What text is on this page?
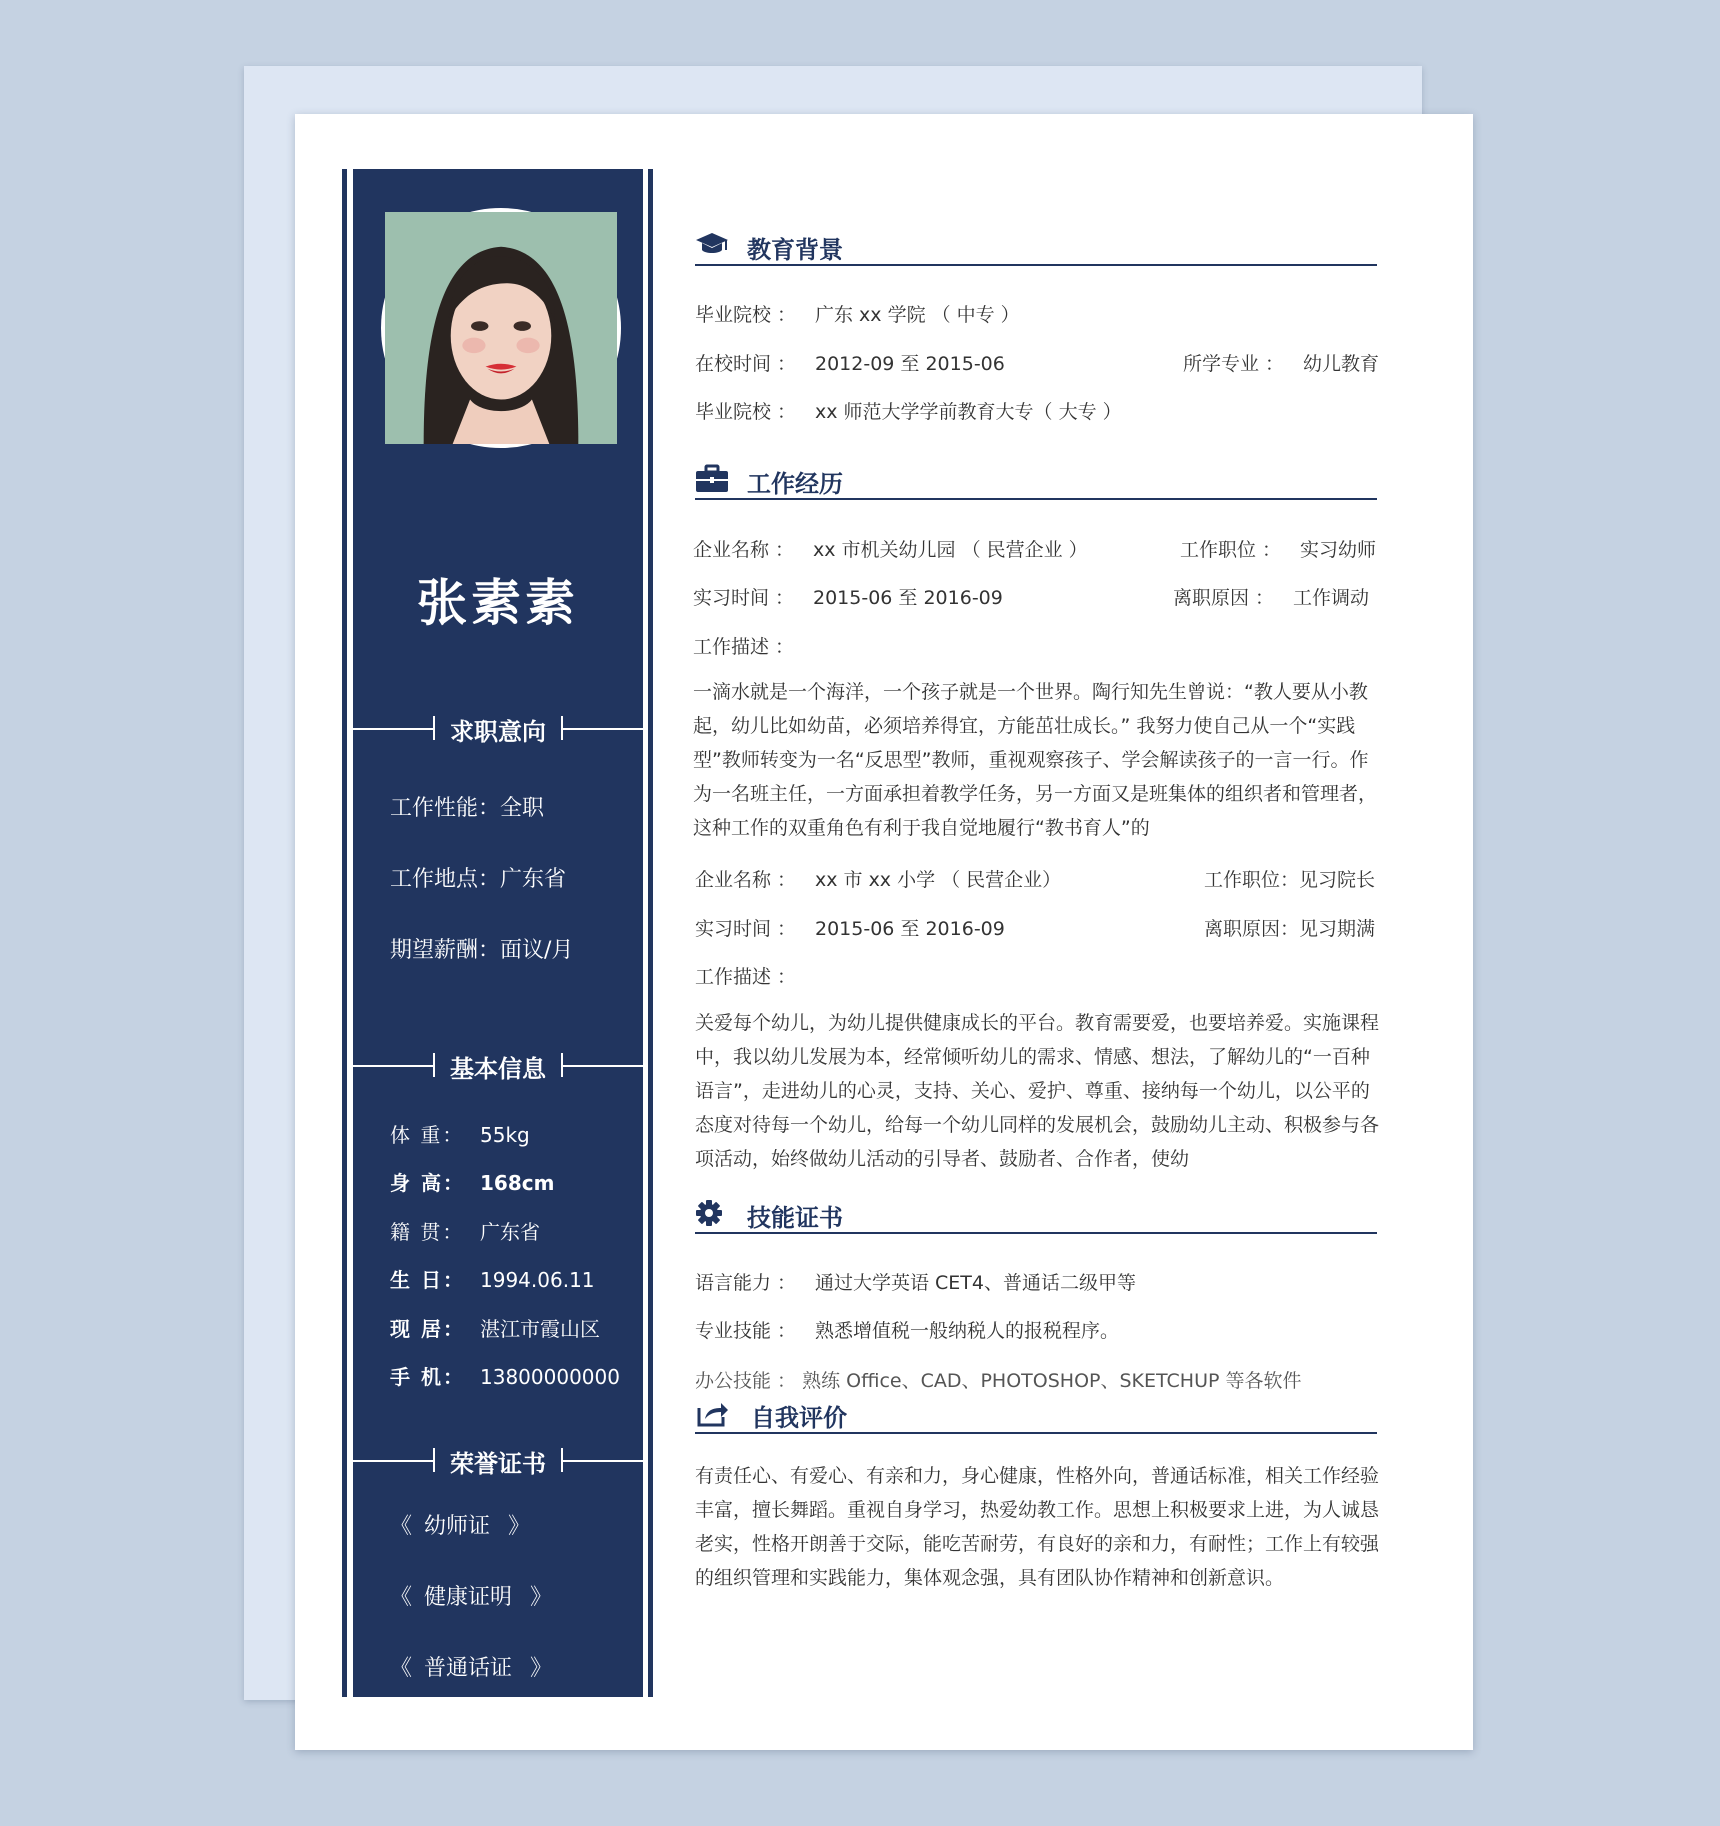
张素素
求职意向
工作性能：全职
工作地点：广东省
期望薪酬：面议/月
基本信息
体 重： 55kg
身 高： 168cm
籍 贯： 广东省
生 日： 1994.06.11
现 居： 湛江市霞山区
手 机： 13800000000
荣誉证书
《 幼师证 》
《 健康证明 》
《 普通话证 》
教育背景
毕业院校 ： 广东 xx 学院 （ 中专 ）
在校时间 ： 2012-09 至 2015-06	所学专业 ： 幼儿教育
毕业院校 ： xx 师范大学学前教育大专（ 大专 ）
工作经历
企业名称 ： xx 市机关幼儿园 （ 民营企业 ）	工作职位 ： 实习幼师
实习时间 ： 2015-06 至 2016-09	离职原因 ： 工作调动
工作描述 ：
一滴水就是一个海洋，一个孩子就是一个世界。陶行知先生曾说：“教人要从小教起，幼儿比如幼苗，必须培养得宜，方能茁壮成长。” 我努力使自己从一个“实践型”教师转变为一名“反思型”教师，重视观察孩子、学会解读孩子的一言一行。作为一名班主任，一方面承担着教学任务，另一方面又是班集体的组织者和管理者，这种工作的双重角色有利于我自觉地履行“教书育人”的
企业名称 ： xx 市 xx 小学 （ 民营企业）	工作职位：见习院长
实习时间 ： 2015-06 至 2016-09	离职原因：见习期满
工作描述 ：
关爱每个幼儿，为幼儿提供健康成长的平台。教育需要爱，也要培养爱。实施课程中，我以幼儿发展为本，经常倾听幼儿的需求、情感、想法，了解幼儿的“一百种语言”，走进幼儿的心灵，支持、关心、爱护、尊重、接纳每一个幼儿，以公平的态度对待每一个幼儿，给每一个幼儿同样的发展机会，鼓励幼儿主动、积极参与各项活动，始终做幼儿活动的引导者、鼓励者、合作者，使幼
技能证书
语言能力 ： 通过大学英语 CET4、普通话二级甲等
专业技能 ： 熟悉增值税一般纳税人的报税程序。
办公技能 ： 熟练 Office、CAD、PHOTOSHOP、SKETCHUP 等各软件
自我评价
有责任心、有爱心、有亲和力，身心健康，性格外向，普通话标准，相关工作经验丰富，擅长舞蹈。重视自身学习，热爱幼教工作。思想上积极要求上进，为人诚恳老实，性格开朗善于交际，能吃苦耐劳，有良好的亲和力，有耐性；工作上有较强的组织管理和实践能力，集体观念强，具有团队协作精神和创新意识。
